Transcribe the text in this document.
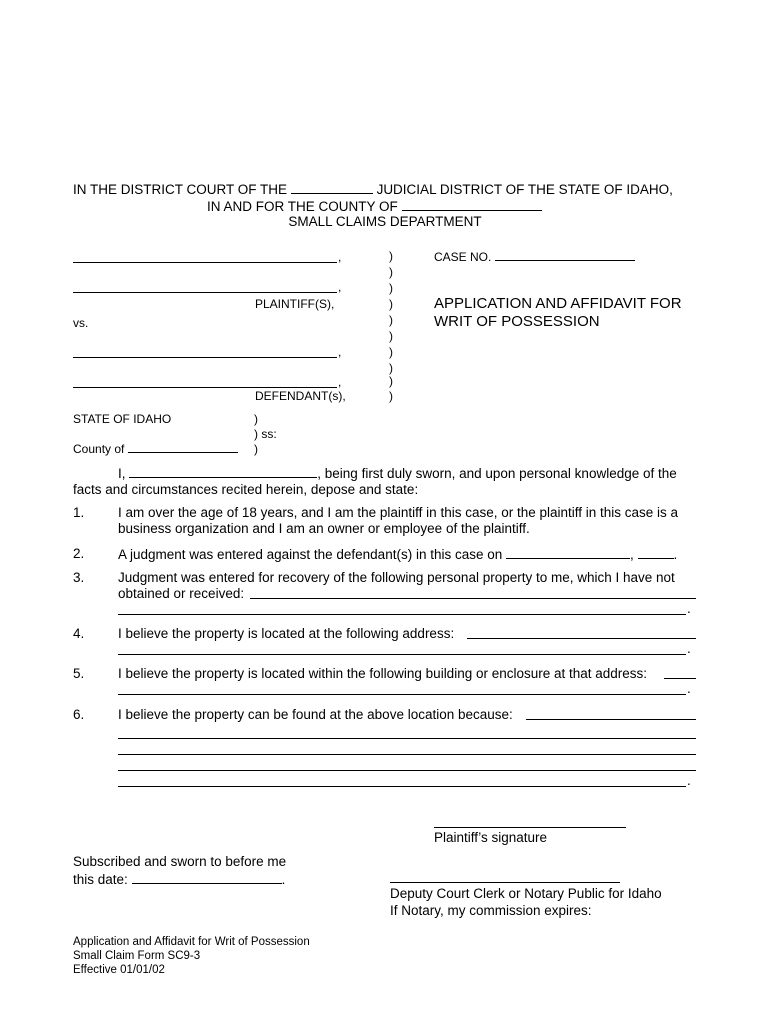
IN THE DISTRICT COURT OF THE	JUDICIAL DISTRICT OF THE STATE OF IDAHO,
IN AND FOR THE COUNTY OF
SMALL CLAIMS DEPARTMENT
,
,
PLAINTIFF(S),
vs.
,
,
DEFENDANT(s),
)
)
)
)
)
)
)
)
)
)
CASE NO.
APPLICATION AND AFFIDAVIT FOR
WRIT OF POSSESSION
STATE OF IDAHO	)
) ss:
County of	)
I,	, being first duly sworn, and upon personal knowledge of the
facts and circumstances recited herein, depose and state:
1. I am over the age of 18 years, and I am the plaintiff in this case, or the plaintiff in this case is a
business organization and I am an owner or employee of the plaintiff.
2. A judgment was entered against the defendant(s) in this case on	,	.
3. Judgment was entered for recovery of the following personal property to me, which I have not
obtained or received:
.
4. I believe the property is located at the following address:
.
5. I believe the property is located within the following building or enclosure at that address:
.
6. I believe the property can be found at the above location because:
.
Plaintiff’s signature
Subscribed and sworn to before me
this date:	.
Deputy Court Clerk or Notary Public for Idaho
If Notary, my commission expires:
Application and Affidavit for Writ of Possession
Small Claim Form SC9-3
Effective 01/01/02
